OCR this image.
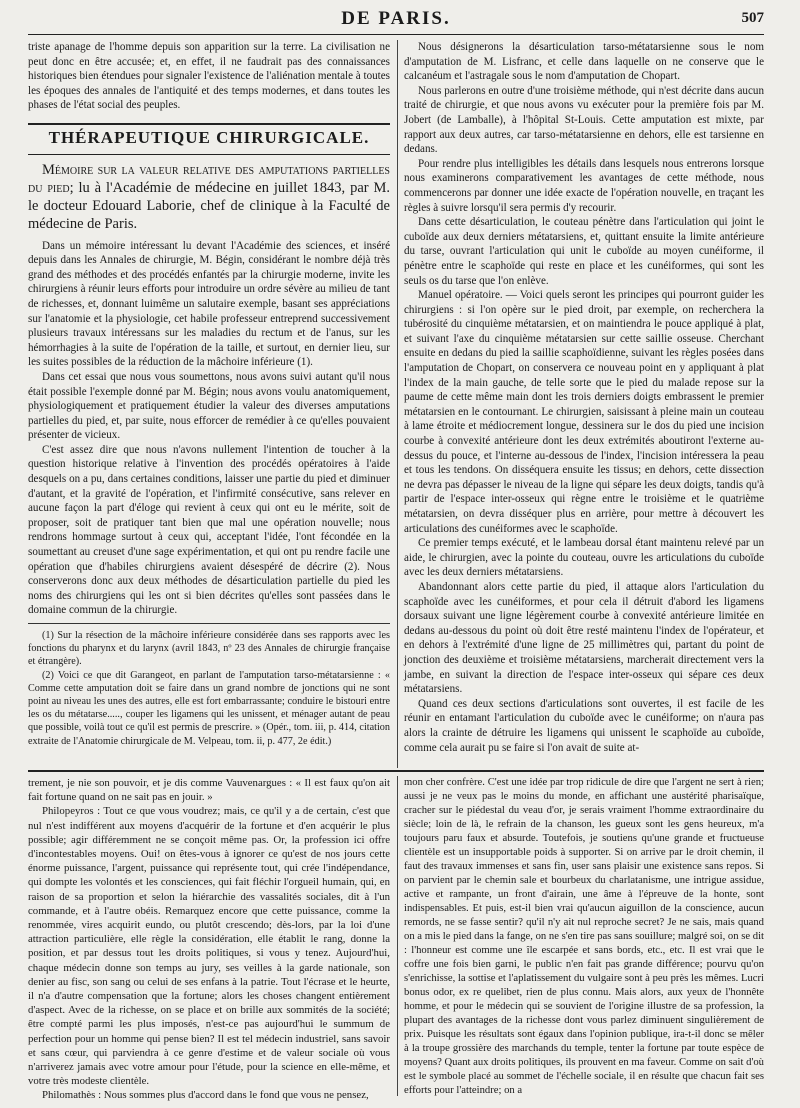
DE PARIS.	507

triste apanage de l'homme depuis son apparition sur la terre. La civilisation ne peut donc en être accusée; et, en effet, il ne faudrait pas des connaissances historiques bien étendues pour signaler l'existence de l'aliénation mentale à toutes les époques des annales de l'antiquité et des temps modernes, et dans toutes les phases de l'état social des peuples.

THÉRAPEUTIQUE CHIRURGICALE.
Mémoire sur la valeur relative des amputations partielles du pied; lu à l'Académie de médecine en juillet 1843, par M. le docteur Edouard Laborie, chef de clinique à la Faculté de médecine de Paris.

Dans un mémoire intéressant lu devant l'Académie des sciences, et inséré depuis dans les Annales de chirurgie, M. Bégin, considérant le nombre déjà très grand des méthodes et des procédés enfantés par la chirurgie moderne, invite les chirurgiens à réunir leurs efforts pour introduire un ordre sévère au milieu de tant de richesses, et, donnant luimême un salutaire exemple, basant ses appréciations sur l'anatomie et la physiologie, cet habile professeur entreprend successivement plusieurs travaux intéressans sur les maladies du rectum et de l'anus, sur les hémorrhagies à la suite de l'opération de la taille, et surtout, en dernier lieu, sur les suites possibles de la réduction de la mâchoire inférieure (1).

Dans cet essai que nous vous soumettons, nous avons suivi autant qu'il nous était possible l'exemple donné par M. Bégin; nous avons voulu anatomiquement, physiologiquement et pratiquement étudier la valeur des diverses amputations partielles du pied, et, par suite, nous efforcer de remédier à ce qu'elles pouvaient présenter de vicieux.

C'est assez dire que nous n'avons nullement l'intention de toucher à la question historique relative à l'invention des procédés opératoires à l'aide desquels on a pu, dans certaines conditions, laisser une partie du pied et diminuer d'autant, et la gravité de l'opération, et l'infirmité consécutive, sans relever en aucune façon la part d'éloge qui revient à ceux qui ont eu le mérite, soit de proposer, soit de pratiquer tant bien que mal une opération nouvelle; nous rendrons hommage surtout à ceux qui, acceptant l'idée, l'ont fécondée en la soumettant au creuset d'une sage expérimentation, et qui ont pu rendre facile une opération que d'habiles chirurgiens avaient désespéré de décrire (2). Nous conserverons donc aux deux méthodes de désarticulation partielle du pied les noms des chirurgiens qui les ont si bien décrites qu'elles sont passées dans le domaine commun de la chirurgie.

(1) Sur la résection de la mâchoire inférieure considérée dans ses rapports avec les fonctions du pharynx et du larynx (avril 1843, nº 23 des Annales de chirurgie française et étrangère).

(2) Voici ce que dit Garangeot, en parlant de l'amputation tarso-métatarsienne : « Comme cette amputation doit se faire dans un grand nombre de jonctions qui ne sont point au niveau les unes des autres, elle est fort embarrassante; conduire le bistouri entre les os du métatarse....., couper les ligamens qui les unissent, et ménager autant de peau que possible, voilà tout ce qu'il est permis de prescrire. » (Opér., tom. iii, p. 414, citation extraite de l'Anatomie chirurgicale de M. Velpeau, tom. ii, p. 477, 2e édit.)

Nous désignerons la désarticulation tarso-métatarsienne sous le nom d'amputation de M. Lisfranc, et celle dans laquelle on ne conserve que le calcanéum et l'astragale sous le nom d'amputation de Chopart.

Nous parlerons en outre d'une troisième méthode, qui n'est décrite dans aucun traité de chirurgie, et que nous avons vu exécuter pour la première fois par M. Jobert (de Lamballe), à l'hôpital St-Louis. Cette amputation est mixte, par rapport aux deux autres, car tarso-métatarsienne en dehors, elle est tarsienne en dedans.

Pour rendre plus intelligibles les détails dans lesquels nous entrerons lorsque nous examinerons comparativement les avantages de cette méthode, nous commencerons par donner une idée exacte de l'opération nouvelle, en traçant les règles à suivre lorsqu'il sera permis d'y recourir.

Dans cette désarticulation, le couteau pénètre dans l'articulation qui joint le cuboïde aux deux derniers métatarsiens, et, quittant ensuite la limite antérieure du tarse, ouvrant l'articulation qui unit le cuboïde au moyen cunéiforme, il pénètre entre le scaphoïde qui reste en place et les cunéiformes, qui sont les seuls os du tarse que l'on enlève.

Manuel opératoire. — Voici quels seront les principes qui pourront guider les chirurgiens : si l'on opère sur le pied droit, par exemple, on recherchera la tubérosité du cinquième métatarsien, et on maintiendra le pouce appliqué à plat, et suivant l'axe du cinquième métatarsien sur cette saillie osseuse. Cherchant ensuite en dedans du pied la saillie scaphoïdienne, suivant les règles posées dans l'amputation de Chopart, on conservera ce nouveau point en y appliquant à plat l'index de la main gauche, de telle sorte que le pied du malade repose sur la paume de cette même main dont les trois derniers doigts embrassent le premier métatarsien en le contournant. Le chirurgien, saisissant à pleine main un couteau à lame étroite et médiocrement longue, dessinera sur le dos du pied une incision courbe à convexité antérieure dont les deux extrémités aboutiront l'externe au-dessus du pouce, et l'interne au-dessous de l'index, l'incision intéressera la peau et tous les tendons. On disséquera ensuite les tissus; en dehors, cette dissection ne devra pas dépasser le niveau de la ligne qui sépare les deux doigts, tandis qu'à partir de l'espace inter-osseux qui règne entre le troisième et le quatrième métatarsien, on devra disséquer plus en arrière, pour mettre à découvert les articulations des cunéiformes avec le scaphoïde.

Ce premier temps exécuté, et le lambeau dorsal étant maintenu relevé par un aide, le chirurgien, avec la pointe du couteau, ouvre les articulations du cuboïde avec les deux derniers métatarsiens.

Abandonnant alors cette partie du pied, il attaque alors l'articulation du scaphoïde avec les cunéiformes, et pour cela il détruit d'abord les ligamens dorsaux suivant une ligne légèrement courbe à convexité antérieure limitée en dedans au-dessous du point où doit être resté maintenu l'index de l'opérateur, et en dehors à l'extrémité d'une ligne de 25 millimètres qui, partant du point de jonction des deuxième et troisième métatarsiens, marcherait directement vers la jambe, en suivant la direction de l'espace inter-osseux qui sépare ces deux métatarsiens.

Quand ces deux sections d'articulations sont ouvertes, il est facile de les réunir en entamant l'articulation du cuboïde avec le cunéiforme; on n'aura pas alors la crainte de détruire les ligamens qui unissent le scaphoïde au cuboïde, comme cela aurait pu se faire si l'on avait de suite at-

trement, je nie son pouvoir, et je dis comme Vauvenargues : « Il est faux qu'on ait fait fortune quand on ne sait pas en jouir. »

Philopeyros : Tout ce que vous voudrez; mais, ce qu'il y a de certain, c'est que nul n'est indifférent aux moyens d'acquérir de la fortune et d'en acquérir le plus possible; agir différemment ne se conçoit même pas. Or, la profession ici offre d'incontestables moyens. Oui! on êtes-vous à ignorer ce qu'est de nos jours cette énorme puissance, l'argent, puissance qui représente tout, qui crée l'indépendance, qui dompte les volontés et les consciences, qui fait fléchir l'orgueil humain, qui, en raison de sa proportion et selon la hiérarchie des vassalités sociales, dit à l'un commande, et à l'autre obéis. Remarquez encore que cette puissance, comme la renommée, vires acquirit eundo, ou plutôt crescendo; dès-lors, par la loi d'une attraction particulière, elle règle la considération, elle établit le rang, donne la position, et par dessus tout les droits politiques, si vous y tenez. Aujourd'hui, chaque médecin donne son temps au jury, ses veilles à la garde nationale, son denier au fisc, son sang ou celui de ses enfans à la patrie. Tout l'écrase et le heurte, il n'a d'autre compensation que la fortune; alors les choses changent entièrement d'aspect. Avec de la richesse, on se place et on brille aux sommités de la société; être compté parmi les plus imposés, n'est-ce pas aujourd'hui le summum de perfection pour un homme qui pense bien? Il est tel médecin industriel, sans savoir et sans cœur, qui parviendra à ce genre d'estime et de valeur sociale où vous n'arriverez jamais avec votre amour pour l'étude, pour la science en elle-même, et votre très modeste clientèle.

Philomathès : Nous sommes plus d'accord dans le fond que vous ne pensez,

mon cher confrère. C'est une idée par trop ridicule de dire que l'argent ne sert à rien; aussi je ne veux pas le moins du monde, en affichant une austérité pharisaïque, cracher sur le piédestal du veau d'or, je serais vraiment l'homme extraordinaire du siècle; loin de là, le refrain de la chanson, les gueux sont les gens heureux, m'a toujours paru faux et absurde. Toutefois, je soutiens qu'une grande et fructueuse clientèle est un insupportable poids à supporter. Si on arrive par le droit chemin, il faut des travaux immenses et sans fin, user sans plaisir une existence sans repos. Si on parvient par le chemin sale et bourbeux du charlatanisme, une intrigue assidue, active et rampante, un front d'airain, une âme à l'épreuve de la honte, sont indispensables. Et puis, est-il bien vrai qu'aucun aiguillon de la conscience, aucun remords, ne se fasse sentir? qu'il n'y ait nul reproche secret? Je ne sais, mais quand on a mis le pied dans la fange, on ne s'en tire pas sans souillure; malgré soi, on se dit : l'honneur est comme une île escarpée et sans bords, etc., etc. Il est vrai que le coffre une fois bien garni, le public n'en fait pas grande différence; pourvu qu'on s'enrichisse, la sottise et l'aplatissement du vulgaire sont à peu près les mêmes. Lucri bonus odor, ex re quelibet, rien de plus connu. Mais alors, aux yeux de l'honnête homme, et pour le médecin qui se souvient de l'origine illustre de sa profession, la plupart des avantages de la richesse dont vous parlez diminuent singulièrement de prix. Puisque les résultats sont égaux dans l'opinion publique, ira-t-il donc se mêler à la troupe grossière des marchands du temple, tenter la fortune par toute espèce de moyens? Quant aux droits politiques, ils prouvent en ma faveur. Comme on sait d'où est le symbole placé au sommet de l'échelle sociale, il en résulte que chacun fait ses efforts pour l'atteindre; on a
